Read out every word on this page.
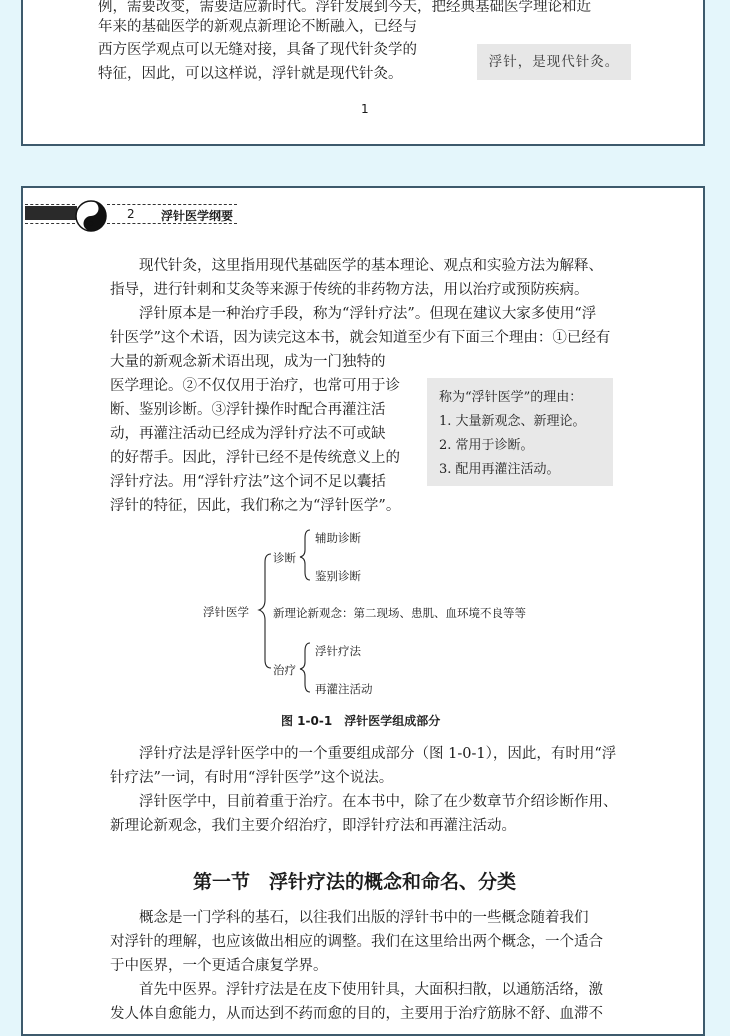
例，需要改变，需要适应新时代。浮针发展到今天，把经典基础医学理论和近
年来的基础医学的新观点新理论不断融入，已经与
西方医学观点可以无缝对接，具备了现代针灸学的
特征，因此，可以这样说，浮针就是现代针灸。
浮针，是现代针灸。
1
2 浮针医学纲要
现代针灸，这里指用现代基础医学的基本理论、观点和实验方法为解释、
指导，进行针刺和艾灸等来源于传统的非药物方法，用以治疗或预防疾病。
浮针原本是一种治疗手段，称为“浮针疗法”。但现在建议大家多使用“浮
针医学”这个术语，因为读完这本书，就会知道至少有下面三个理由：①已经有
大量的新观念新术语出现，成为一门独特的
医学理论。②不仅仅用于治疗，也常可用于诊
断、鉴别诊断。③浮针操作时配合再灌注活
动，再灌注活动已经成为浮针疗法不可或缺
的好帮手。因此，浮针已经不是传统意义上的
浮针疗法。用“浮针疗法”这个词不足以囊括
浮针的特征，因此，我们称之为“浮针医学”。
称为“浮针医学”的理由：
1. 大量新观念、新理论。
2. 常用于诊断。
3. 配用再灌注活动。
浮针医学
诊断
辅助诊断
鉴别诊断
新理论新观念：第二现场、患肌、血环境不良等等
治疗
浮针疗法
再灌注活动
图 1-0-1　浮针医学组成部分
浮针疗法是浮针医学中的一个重要组成部分（图 1-0-1），因此，有时用“浮
针疗法”一词，有时用“浮针医学”这个说法。
浮针医学中，目前着重于治疗。在本书中，除了在少数章节介绍诊断作用、
新理论新观念，我们主要介绍治疗，即浮针疗法和再灌注活动。
第一节　浮针疗法的概念和命名、分类
概念是一门学科的基石，以往我们出版的浮针书中的一些概念随着我们
对浮针的理解，也应该做出相应的调整。我们在这里给出两个概念，一个适合
于中医界，一个更适合康复学界。
首先中医界。浮针疗法是在皮下使用针具，大面积扫散，以通筋活络，激
发人体自愈能力，从而达到不药而愈的目的，主要用于治疗筋脉不舒、血滞不
